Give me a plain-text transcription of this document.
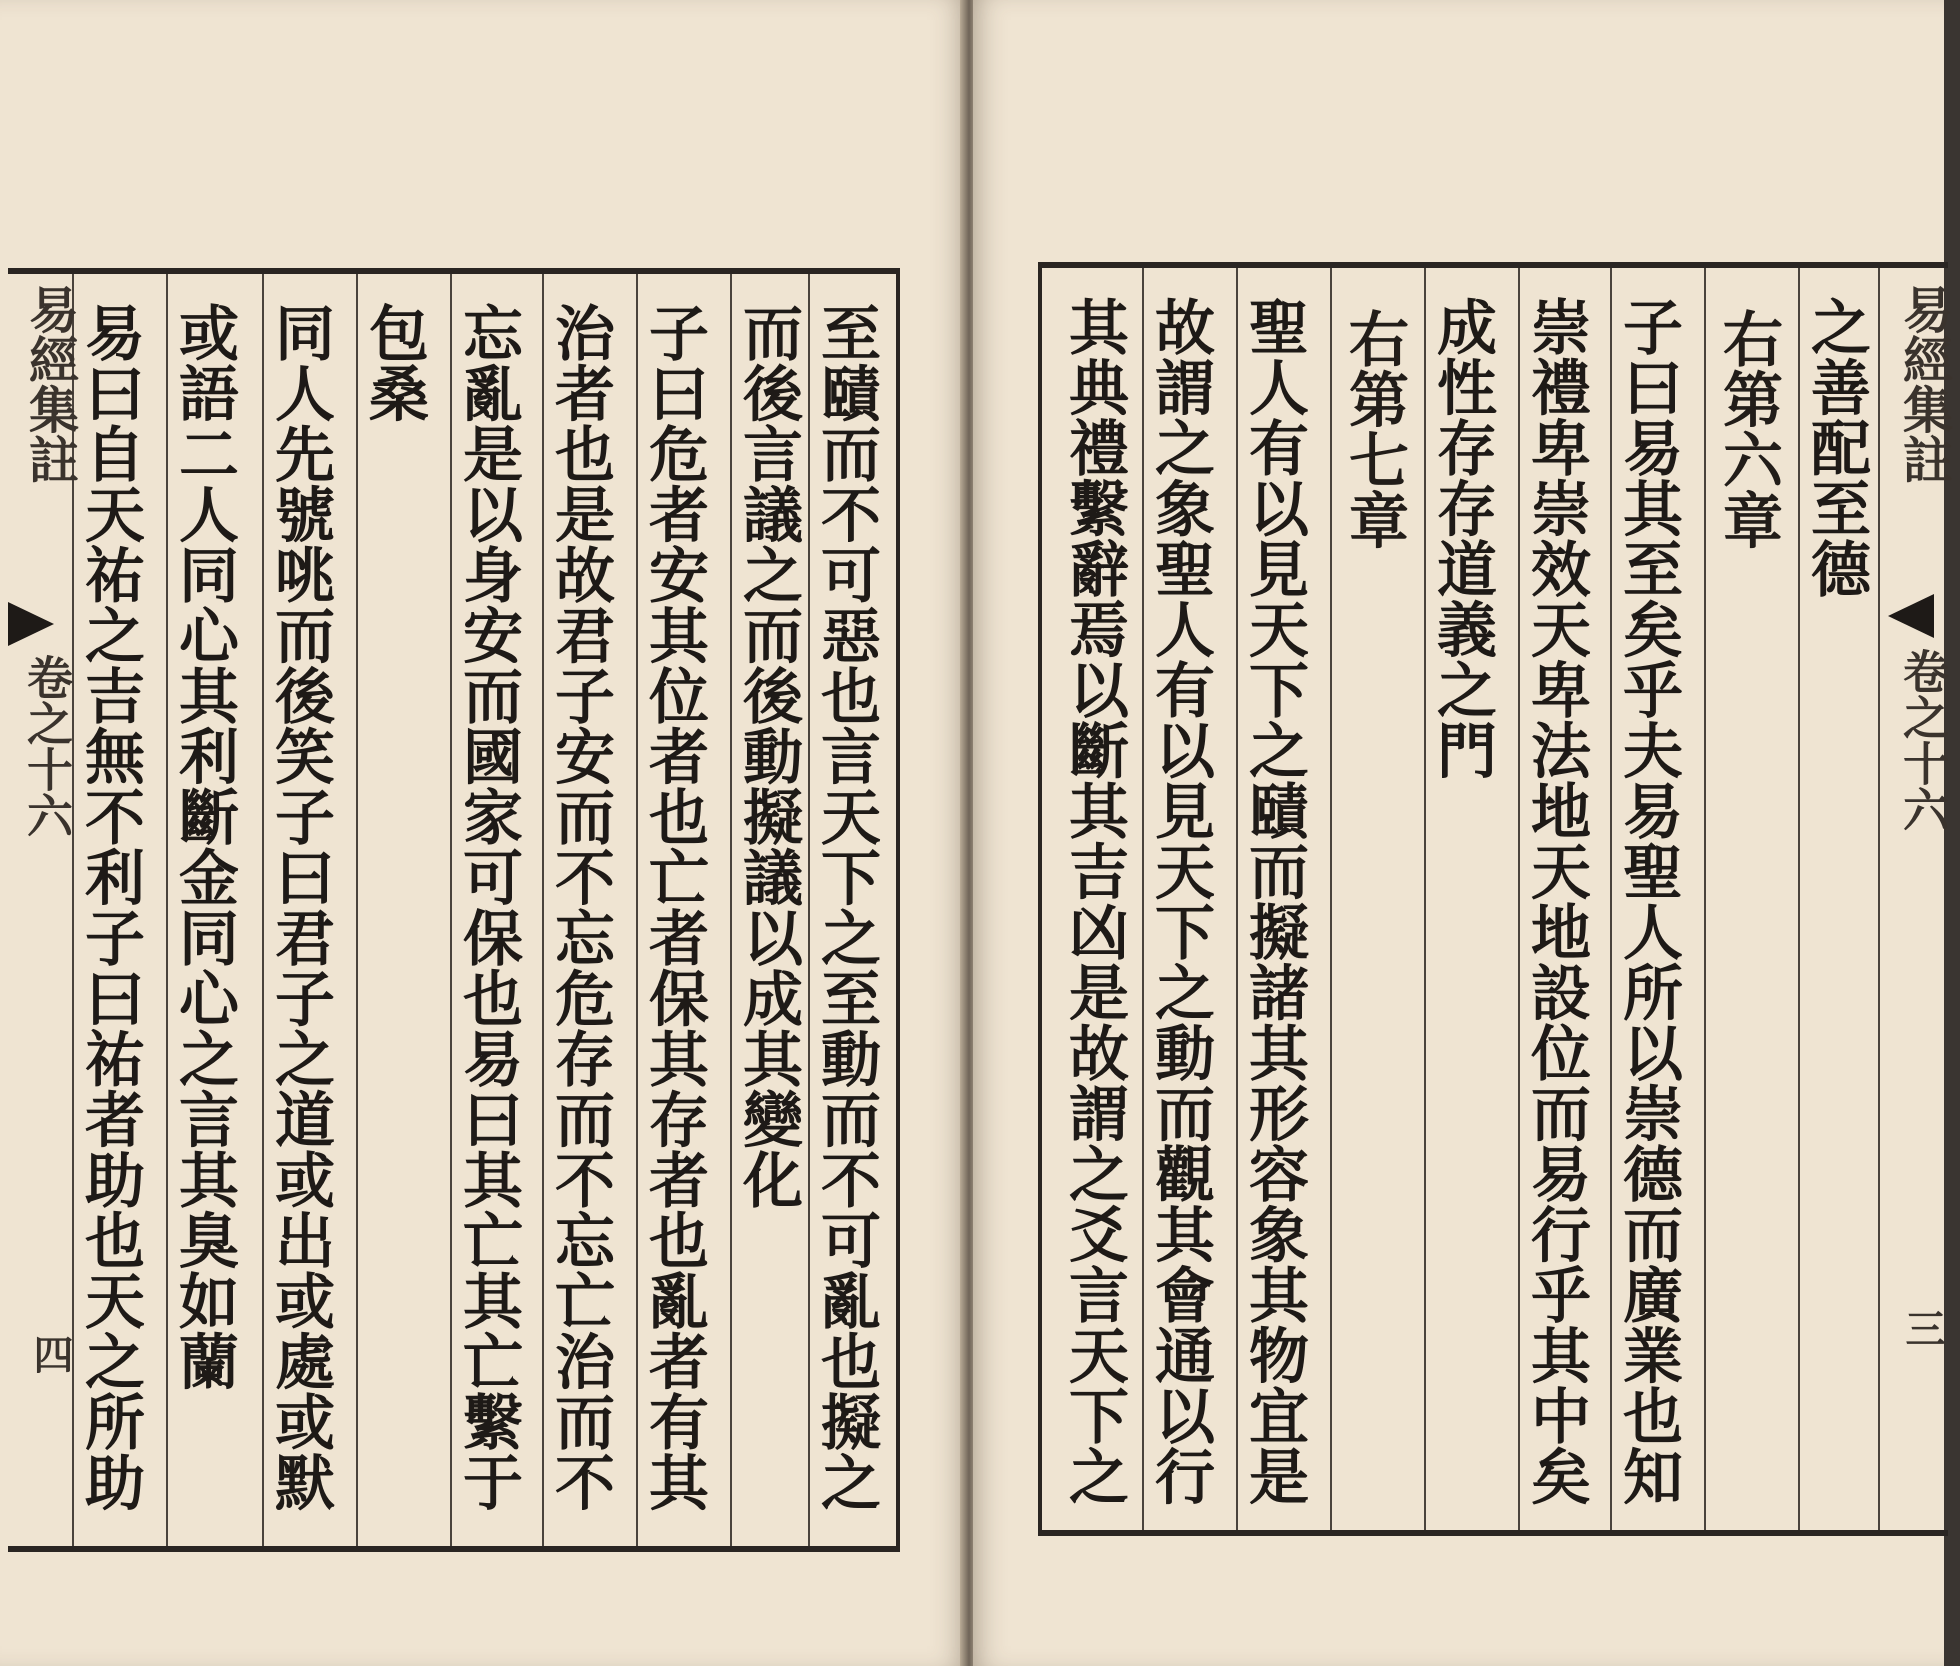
至賾而不可惡也言天下之至動而不可亂也擬之
而後言議之而後動擬議以成其變化
子曰危者安其位者也亡者保其存者也亂者有其
治者也是故君子安而不忘危存而不忘亡治而不
忘亂是以身安而國家可保也易曰其亡其亡繫于
包桑
同人先號咷而後笑子曰君子之道或出或處或默
或語二人同心其利斷金同心之言其臭如蘭
易曰自天祐之吉無不利子曰祐者助也天之所助
易經集註
卷之十六
四
之善配至德
右第六章
子曰易其至矣乎夫易聖人所以崇德而廣業也知
崇禮卑崇效天卑法地天地設位而易行乎其中矣
成性存存道義之門
右第七章
聖人有以見天下之賾而擬諸其形容象其物宜是
故謂之象聖人有以見天下之動而觀其會通以行
其典禮繫辭焉以斷其吉凶是故謂之爻言天下之	易經集註
卷之十六
三
